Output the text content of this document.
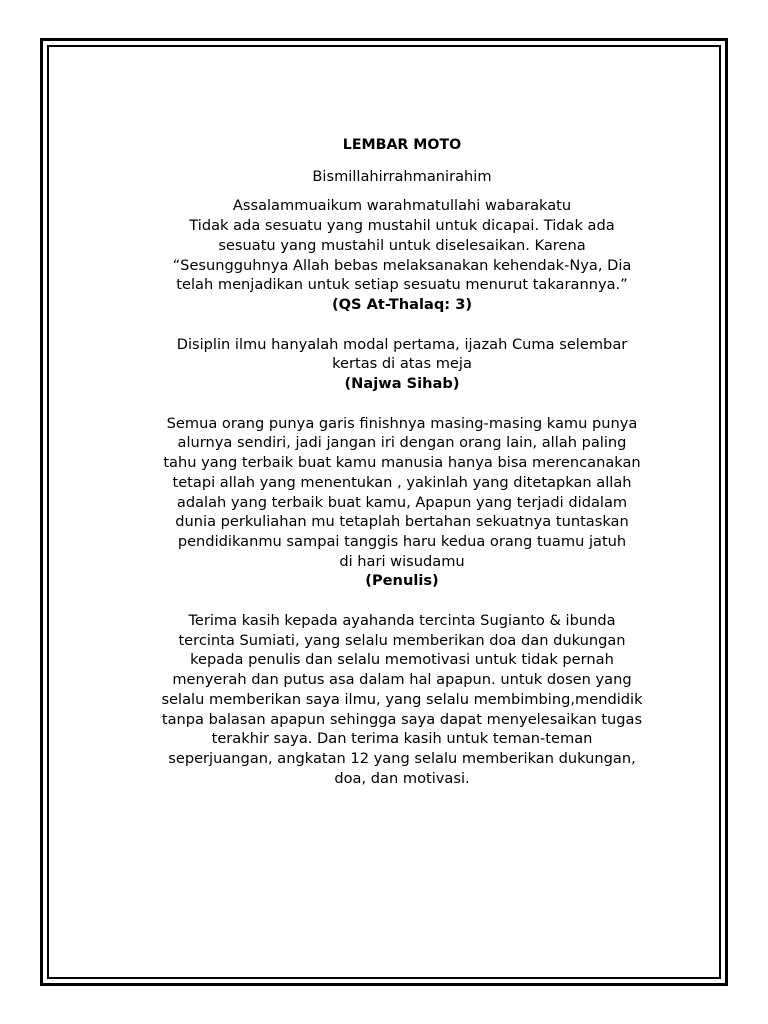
LEMBAR MOTO
Bismillahirrahmanirahim
Assalammuaikum warahmatullahi wabarakatu
Tidak ada sesuatu yang mustahil untuk dicapai. Tidak ada
sesuatu yang mustahil untuk diselesaikan. Karena
“Sesungguhnya Allah bebas melaksanakan kehendak-Nya, Dia
telah menjadikan untuk setiap sesuatu menurut takarannya.”
(QS At-Thalaq: 3)
Disiplin ilmu hanyalah modal pertama, ijazah Cuma selembar
kertas di atas meja
(Najwa Sihab)
Semua orang punya garis finishnya masing-masing kamu punya
alurnya sendiri, jadi jangan iri dengan orang lain, allah paling
tahu yang terbaik buat kamu manusia hanya bisa merencanakan
tetapi allah yang menentukan , yakinlah yang ditetapkan allah
adalah yang terbaik buat kamu, Apapun yang terjadi didalam
dunia perkuliahan mu tetaplah bertahan sekuatnya tuntaskan
pendidikanmu sampai tanggis haru kedua orang tuamu jatuh
di hari wisudamu
(Penulis)
Terima kasih kepada ayahanda tercinta Sugianto & ibunda
tercinta Sumiati, yang selalu memberikan doa dan dukungan
kepada penulis dan selalu memotivasi untuk tidak pernah
menyerah dan putus asa dalam hal apapun. untuk dosen yang
selalu memberikan saya ilmu, yang selalu membimbing,mendidik
tanpa balasan apapun sehingga saya dapat menyelesaikan tugas
terakhir saya. Dan terima kasih untuk teman-teman
seperjuangan, angkatan 12 yang selalu memberikan dukungan,
doa, dan motivasi.
